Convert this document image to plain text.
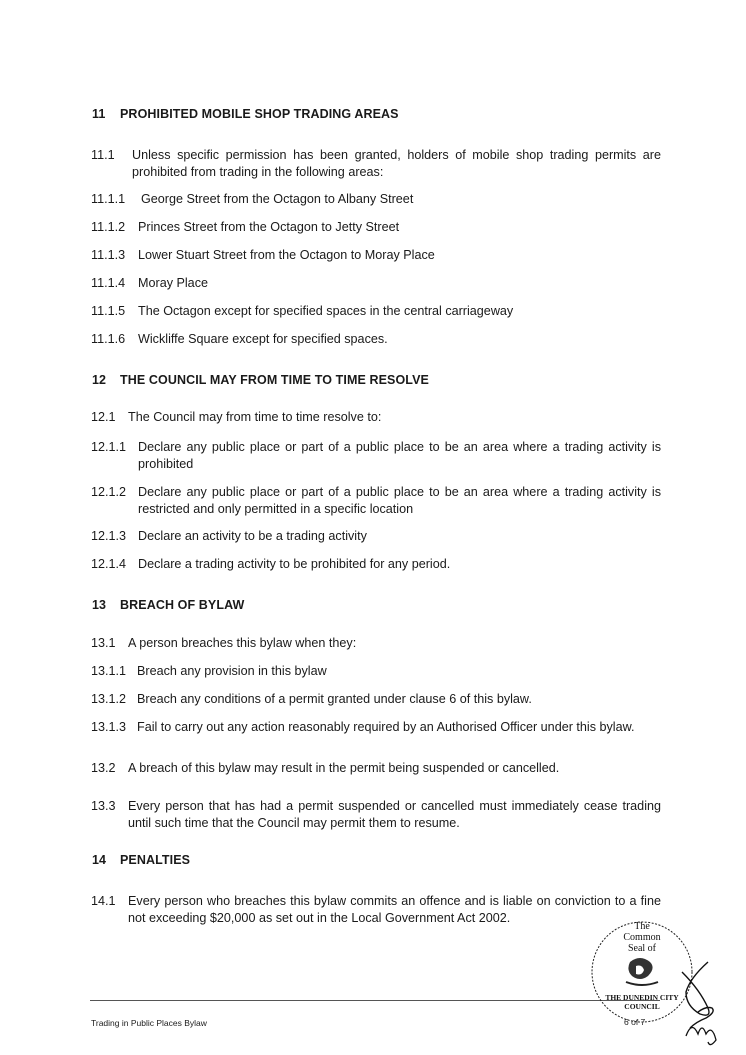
11 PROHIBITED MOBILE SHOP TRADING AREAS
11.1	Unless specific permission has been granted, holders of mobile shop trading permits are prohibited from trading in the following areas:
11.1.1	George Street from the Octagon to Albany Street
11.1.2	Princes Street from the Octagon to Jetty Street
11.1.3	Lower Stuart Street from the Octagon to Moray Place
11.1.4	Moray Place
11.1.5	The Octagon except for specified spaces in the central carriageway
11.1.6	Wickliffe Square except for specified spaces.
12 THE COUNCIL MAY FROM TIME TO TIME RESOLVE
12.1 The Council may from time to time resolve to:
12.1.1 Declare any public place or part of a public place to be an area where a trading activity is prohibited
12.1.2 Declare any public place or part of a public place to be an area where a trading activity is restricted and only permitted in a specific location
12.1.3 Declare an activity to be a trading activity
12.1.4 Declare a trading activity to be prohibited for any period.
13 BREACH OF BYLAW
13.1 A person breaches this bylaw when they:
13.1.1 Breach any provision in this bylaw
13.1.2 Breach any conditions of a permit granted under clause 6 of this bylaw.
13.1.3 Fail to carry out any action reasonably required by an Authorised Officer under this bylaw.
13.2 A breach of this bylaw may result in the permit being suspended or cancelled.
13.3 Every person that has had a permit suspended or cancelled must immediately cease trading until such time that the Council may permit them to resume.
14 PENALTIES
14.1 Every person who breaches this bylaw commits an offence and is liable on conviction to a fine not exceeding $20,000 as set out in the Local Government Act 2002.
Trading in Public Places Bylaw	6 of 7
The
Common
Seal of
THE DUNEDIN CITY
COUNCIL
